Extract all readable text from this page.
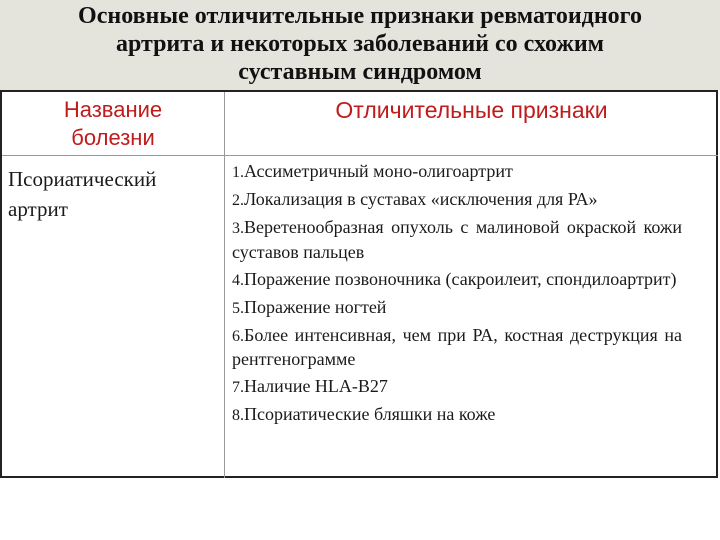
Основные отличительные признаки ревматоидного
артрита и некоторых заболеваний со схожим
суставным синдромом
Название
болезни
Отличительные признаки
Псориатический
артрит
1.Ассиметричный моно-олигоартрит
2.Локализация в суставах «исключения для РА»
3.Веретенообразная опухоль с малиновой окраской кожи суставов пальцев
4.Поражение позвоночника (сакроилеит, спондилоартрит)
5.Поражение ногтей
6.Более интенсивная, чем при РА, костная деструкция на рентгенограмме
7.Наличие HLA-B27
8.Псориатические бляшки на коже
